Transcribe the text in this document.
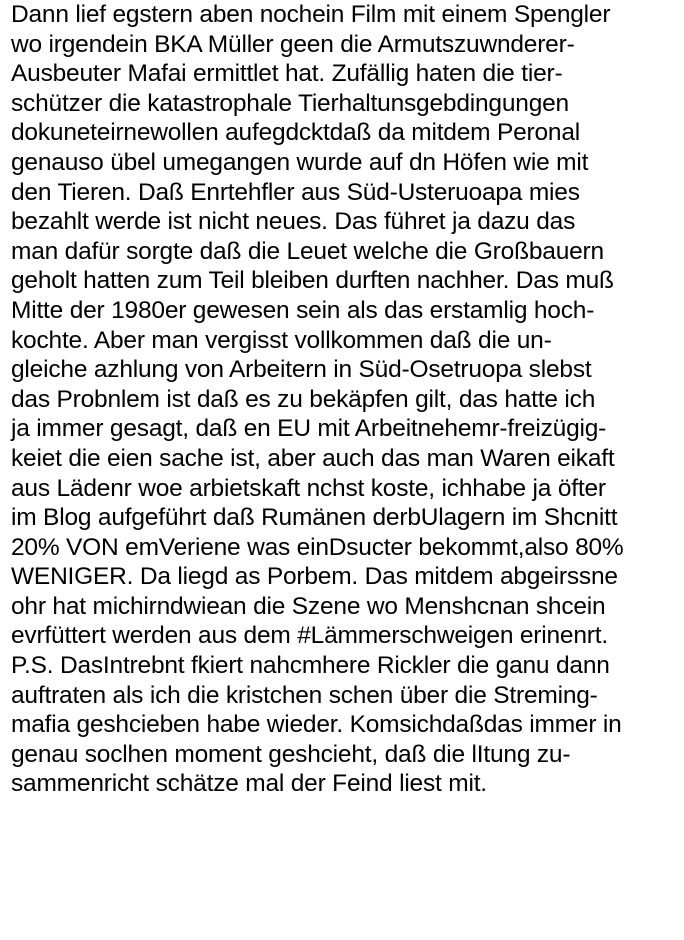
Dann lief egstern aben nochein Film mit einem Spengler
wo irgendein BKA Müller geen die Armutszuwnderer-
Ausbeuter Mafai ermittlet hat. Zufällig haten die tier-
schützer die katastrophale Tierhaltunsgebdingungen
dokuneteirnewollen aufegdcktdaß da mitdem Peronal
genauso übel umegangen wurde auf dn Höfen wie mit
den Tieren. Daß Enrtehfler aus Süd-Usteruoapa mies
bezahlt werde ist nicht neues. Das führet ja dazu das
man dafür sorgte daß die Leuet welche die Großbauern
geholt hatten zum Teil bleiben durften nachher. Das muß
Mitte der 1980er gewesen sein als das erstamlig hoch-
kochte. Aber man vergisst vollkommen daß die un-
gleiche azhlung von Arbeitern in Süd-Osetruopa slebst
das Probnlem ist daß es zu bekäpfen gilt, das hatte ich
ja immer gesagt, daß en EU mit Arbeitnehemr-freizügig-
keiet die eien sache ist, aber auch das man Waren eikaft
aus Lädenr woe arbietskaft nchst koste, ichhabe ja öfter
im Blog aufgeführt daß Rumänen derbUlagern im Shcnitt
20% VON emVeriene was einDsucter bekommt,also 80%
WENIGER. Da liegd as Porbem. Das mitdem abgeirssne
ohr hat michirndwiean die Szene wo Menshcnan shcein
evrfüttert werden aus dem #Lämmerschweigen erinenrt.
P.S. DasIntrebnt fkiert nahcmhere Rickler die ganu dann
auftraten als ich die kristchen schen über die Streming-
mafia geshcieben habe wieder. Komsichdaßdas immer in
genau soclhen moment geshcieht, daß die lItung zu-
sammenricht schätze mal der Feind liest mit.
